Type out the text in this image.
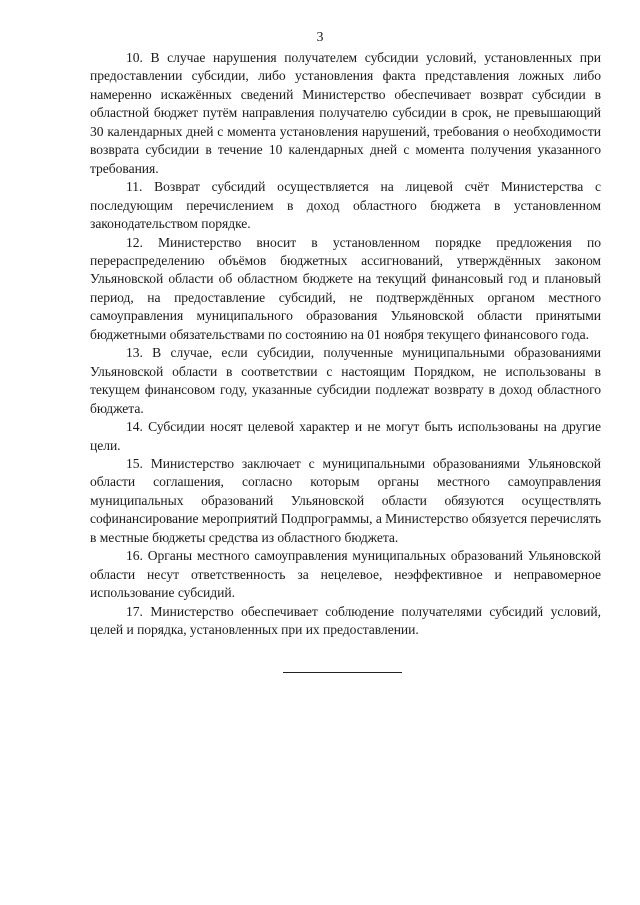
3

10. В случае нарушения получателем субсидии условий, установленных при предоставлении субсидии, либо установления факта представления ложных либо намеренно искажённых сведений Министерство обеспечивает возврат субсидии в областной бюджет путём направления получателю субсидии в срок, не превышающий 30 календарных дней с момента установления нарушений, требования о необходимости возврата субсидии в течение 10 календарных дней с момента получения указанного требования.

11. Возврат субсидий осуществляется на лицевой счёт Министерства с последующим перечислением в доход областного бюджета в установленном законодательством порядке.

12. Министерство вносит в установленном порядке предложения по перераспределению объёмов бюджетных ассигнований, утверждённых законом Ульяновской области об областном бюджете на текущий финансовый год и плановый период, на предоставление субсидий, не подтверждённых органом местного самоуправления муниципального образования Ульяновской области принятыми бюджетными обязательствами по состоянию на 01 ноября текущего финансового года.

13. В случае, если субсидии, полученные муниципальными образованиями Ульяновской области в соответствии с настоящим Порядком, не использованы в текущем финансовом году, указанные субсидии подлежат возврату в доход областного бюджета.

14. Субсидии носят целевой характер и не могут быть использованы на другие цели.

15. Министерство заключает с муниципальными образованиями Ульяновской области соглашения, согласно которым органы местного самоуправления муниципальных образований Ульяновской области обязуются осуществлять софинансирование мероприятий Подпрограммы, а Министерство обязуется перечислять в местные бюджеты средства из областного бюджета.

16. Органы местного самоуправления муниципальных образований Ульяновской области несут ответственность за нецелевое, неэффективное и неправомерное использование субсидий.

17. Министерство обеспечивает соблюдение получателями субсидий условий, целей и порядка, установленных при их предоставлении.
